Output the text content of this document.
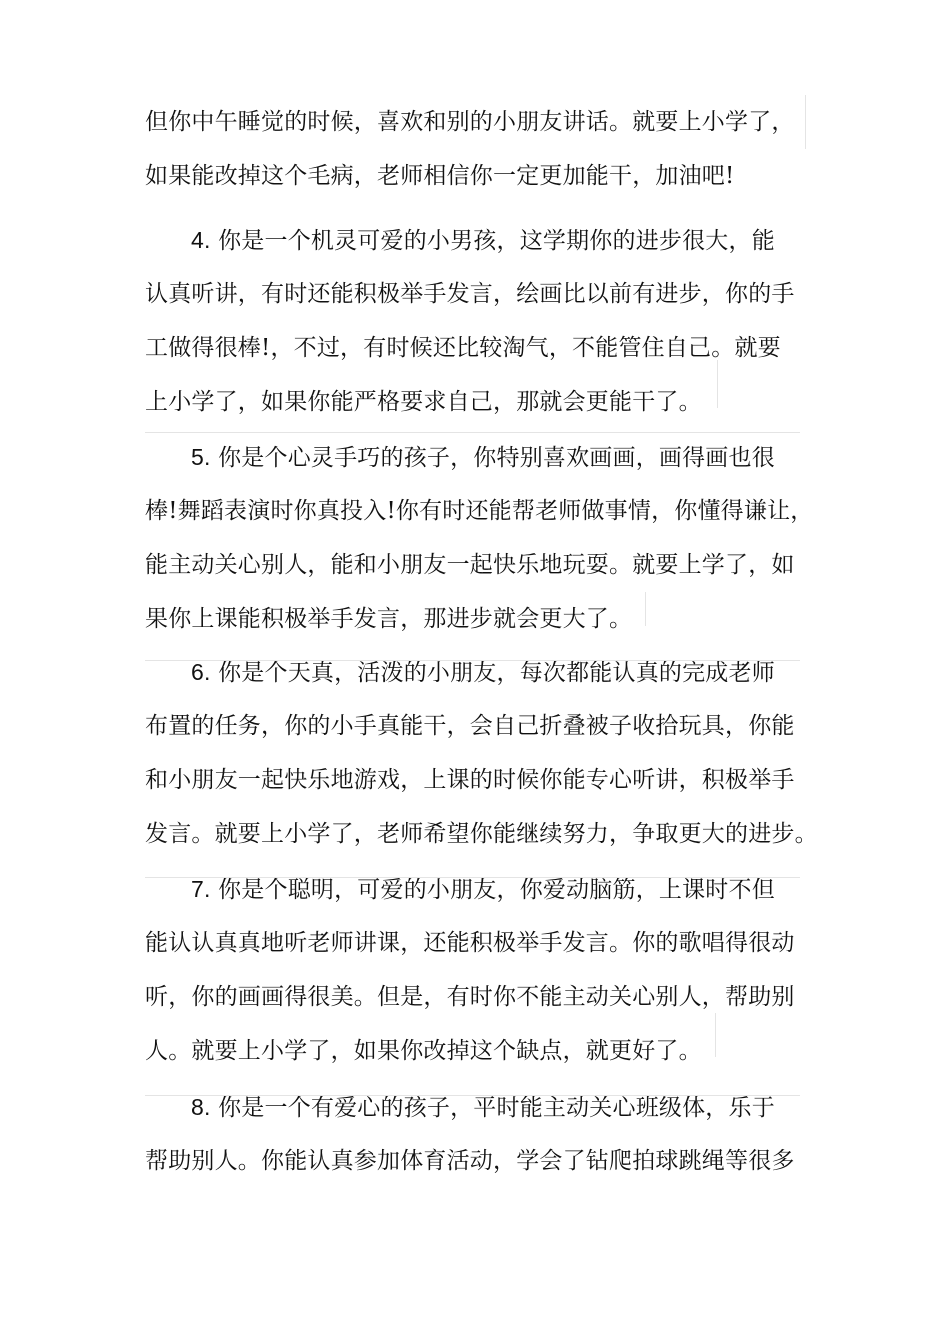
但你中午睡觉的时候，喜欢和别的小朋友讲话。就要上小学了，
如果能改掉这个毛病，老师相信你一定更加能干，加油吧!
4. 你是一个机灵可爱的小男孩，这学期你的进步很大，能
认真听讲，有时还能积极举手发言，绘画比以前有进步，你的手
工做得很棒!，不过，有时候还比较淘气，不能管住自己。就要
上小学了，如果你能严格要求自己，那就会更能干了。
5. 你是个心灵手巧的孩子，你特别喜欢画画，画得画也很
棒!舞蹈表演时你真投入!你有时还能帮老师做事情，你懂得谦让，
能主动关心别人，能和小朋友一起快乐地玩耍。就要上学了，如
果你上课能积极举手发言，那进步就会更大了。
6. 你是个天真，活泼的小朋友，每次都能认真的完成老师
布置的任务，你的小手真能干，会自己折叠被子收拾玩具，你能
和小朋友一起快乐地游戏，上课的时候你能专心听讲，积极举手
发言。就要上小学了，老师希望你能继续努力，争取更大的进步。
7. 你是个聪明，可爱的小朋友，你爱动脑筋，上课时不但
能认认真真地听老师讲课，还能积极举手发言。你的歌唱得很动
听，你的画画得很美。但是，有时你不能主动关心别人，帮助别
人。就要上小学了，如果你改掉这个缺点，就更好了。
8. 你是一个有爱心的孩子，平时能主动关心班级体，乐于
帮助别人。你能认真参加体育活动，学会了钻爬拍球跳绳等很多
